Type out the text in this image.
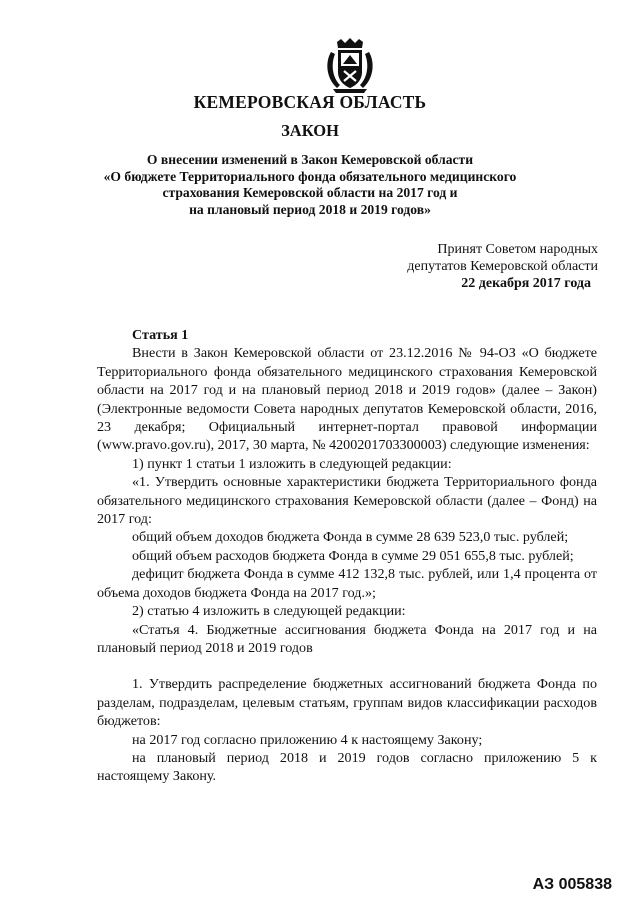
КЕМЕРОВСКАЯ ОБЛАСТЬ
ЗАКОН
О внесении изменений в Закон Кемеровской области
«О бюджете Территориального фонда обязательного медицинского
страхования Кемеровской области на 2017 год и
на плановый период 2018 и 2019 годов»
Принят Советом народных
депутатов Кемеровской области
22 декабря 2017 года

Статья 1

Внести в Закон Кемеровской области от 23.12.2016 № 94-ОЗ «О бюджете Территориального фонда обязательного медицинского страхования Кемеровской области на 2017 год и на плановый период 2018 и 2019 годов» (далее – Закон) (Электронные ведомости Совета народных депутатов Кемеровской области, 2016, 23 декабря; Официальный интернет-портал правовой информации (www.pravo.gov.ru), 2017, 30 марта, № 4200201703300003) следующие изменения:

1) пункт 1 статьи 1 изложить в следующей редакции:

«1. Утвердить основные характеристики бюджета Территориального фонда обязательного медицинского страхования Кемеровской области (далее – Фонд) на 2017 год:

общий объем доходов бюджета Фонда в сумме 28 639 523,0 тыс. рублей;

общий объем расходов бюджета Фонда в сумме 29 051 655,8 тыс. рублей;

дефицит бюджета Фонда в сумме 412 132,8 тыс. рублей, или 1,4 процента от объема доходов бюджета Фонда на 2017 год.»;

2) статью 4 изложить в следующей редакции:

«Статья 4. Бюджетные ассигнования бюджета Фонда на 2017 год и на плановый период 2018 и 2019 годов

1. Утвердить распределение бюджетных ассигнований бюджета Фонда по разделам, подразделам, целевым статьям, группам видов классификации расходов бюджетов:

на 2017 год согласно приложению 4 к настоящему Закону;

на плановый период 2018 и 2019 годов согласно приложению 5 к настоящему Закону.

АЗ 005838
